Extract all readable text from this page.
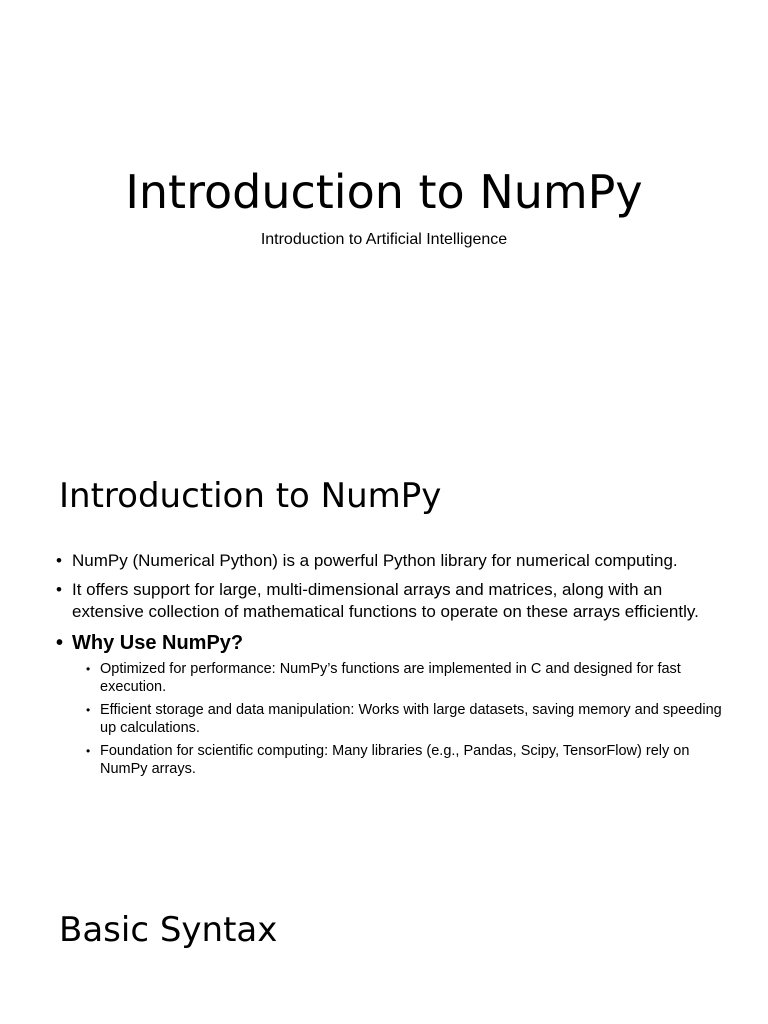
Introduction to NumPy
Introduction to Artificial Intelligence
Introduction to NumPy
• NumPy (Numerical Python) is a powerful Python library for numerical computing.
• It offers support for large, multi-dimensional arrays and matrices, along with an extensive collection of mathematical functions to operate on these arrays efficiently.
• Why Use NumPy?
• Optimized for performance: NumPy’s functions are implemented in C and designed for fast execution.
• Efficient storage and data manipulation: Works with large datasets, saving memory and speeding up calculations.
• Foundation for scientific computing: Many libraries (e.g., Pandas, Scipy, TensorFlow) rely on NumPy arrays.
Basic Syntax
